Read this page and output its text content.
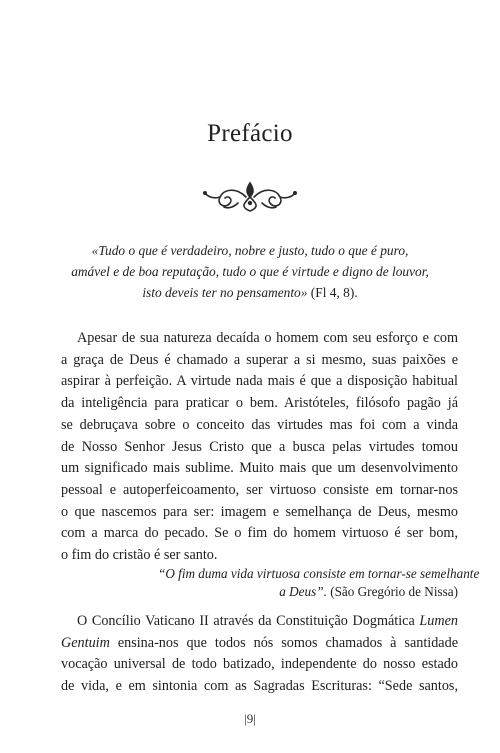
Prefácio
«Tudo o que é verdadeiro, nobre e justo, tudo o que é puro,
amável e de boa reputação, tudo o que é virtude e digno de louvor,
isto deveis ter no pensamento» (Fl 4, 8).
Apesar de sua natureza decaída o homem com seu esforço e com
a graça de Deus é chamado a superar a si mesmo, suas paixões e
aspirar à perfeição. A virtude nada mais é que a disposição habitual
da inteligência para praticar o bem. Aristóteles, filósofo pagão já
se debruçava sobre o conceito das virtudes mas foi com a vinda
de Nosso Senhor Jesus Cristo que a busca pelas virtudes tomou
um significado mais sublime. Muito mais que um desenvolvimento
pessoal e autoperfeicoamento, ser virtuoso consiste em tornar-nos
o que nascemos para ser: imagem e semelhança de Deus, mesmo
com a marca do pecado. Se o fim do homem virtuoso é ser bom,
o fim do cristão é ser santo.
“O fim duma vida virtuosa consiste em tornar-se semelhante
a Deus”. (São Gregório de Nissa)
O Concílio Vaticano II através da Constituição Dogmática Lumen
Gentuim ensina-nos que todos nós somos chamados à santidade
vocação universal de todo batizado, independente do nosso estado
de vida, e em sintonia com as Sagradas Escrituras: “Sede santos,
|9|
